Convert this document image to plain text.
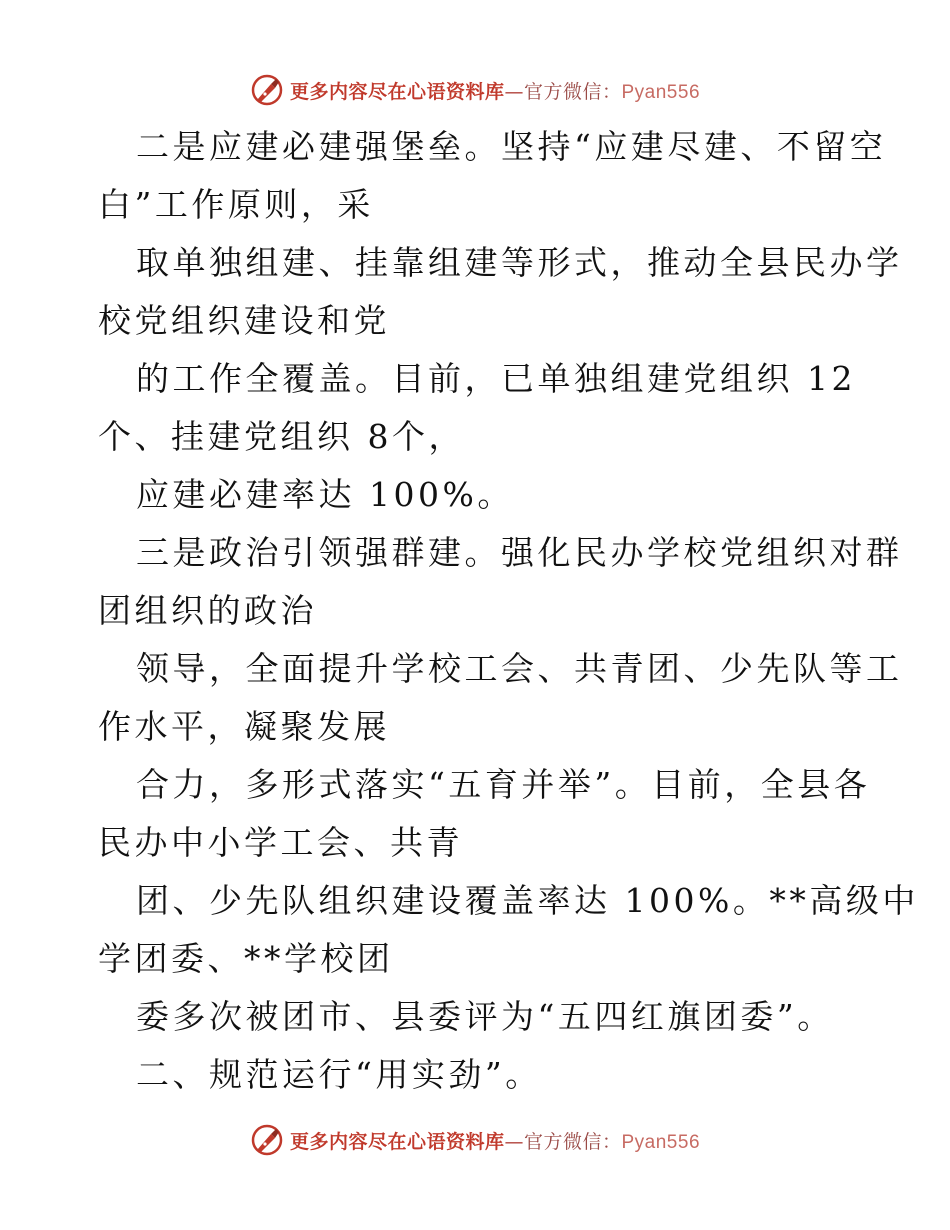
更多内容尽在心语资料库—官方微信：Pyan556
二是应建必建强堡垒。坚持“应建尽建、不留空
白”工作原则，采
取单独组建、挂靠组建等形式，推动全县民办学
校党组织建设和党
的工作全覆盖。目前，已单独组建党组织 12
个、挂建党组织 8个，
应建必建率达 100%。
三是政治引领强群建。强化民办学校党组织对群
团组织的政治
领导，全面提升学校工会、共青团、少先队等工
作水平，凝聚发展
合力，多形式落实“五育并举”。目前，全县各
民办中小学工会、共青
团、少先队组织建设覆盖率达 100%。**高级中
学团委、**学校团
委多次被团市、县委评为“五四红旗团委”。
二、规范运行“用实劲”。
更多内容尽在心语资料库—官方微信：Pyan556
